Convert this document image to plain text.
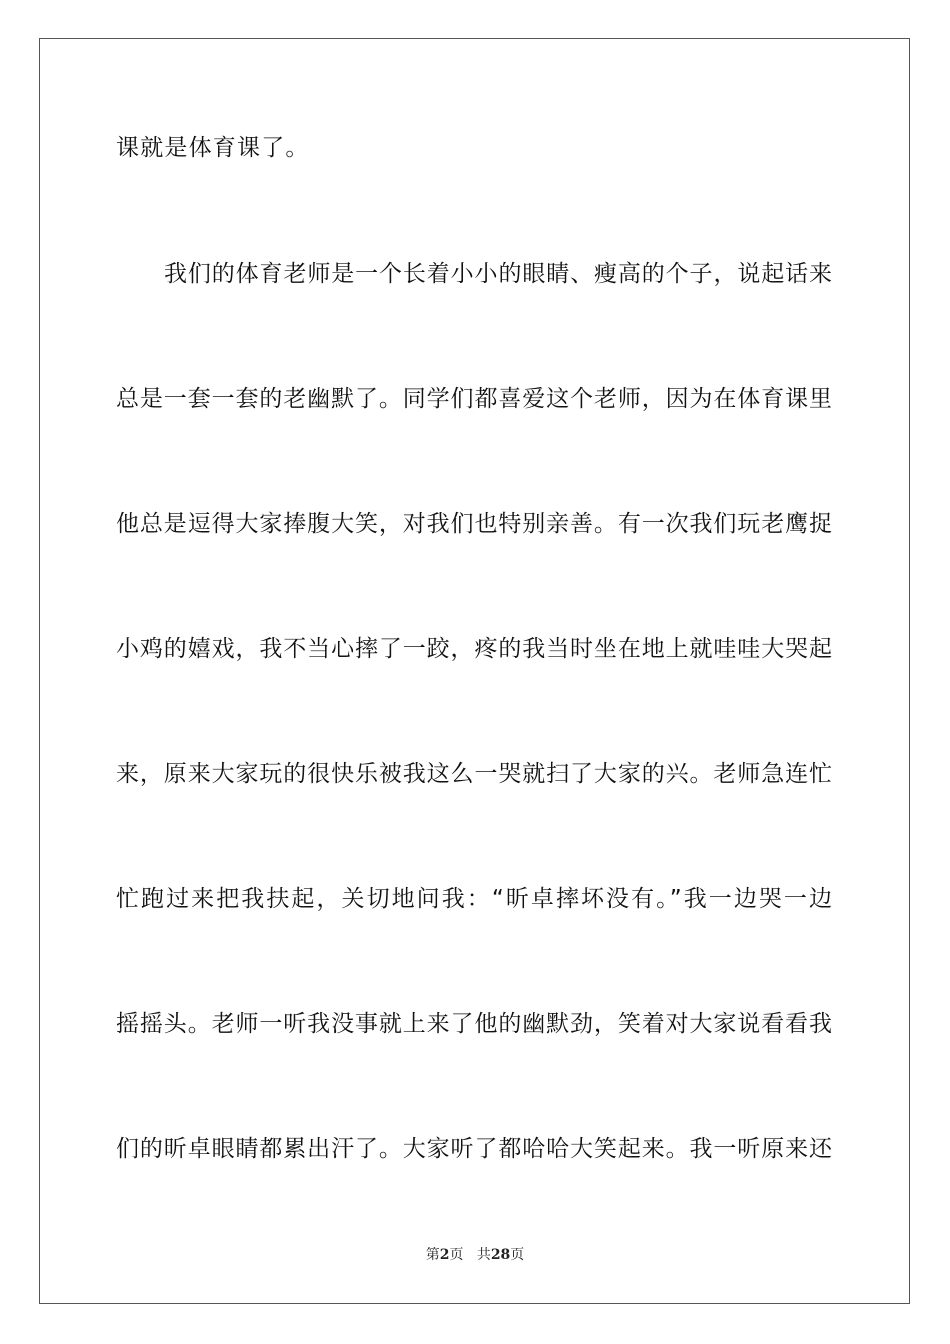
课就是体育课了。
我们的体育老师是一个长着小小的眼睛、瘦高的个子，说起话来
总是一套一套的老幽默了。同学们都喜爱这个老师，因为在体育课里
他总是逗得大家捧腹大笑，对我们也特别亲善。有一次我们玩老鹰捉
小鸡的嬉戏，我不当心摔了一跤，疼的我当时坐在地上就哇哇大哭起
来，原来大家玩的很快乐被我这么一哭就扫了大家的兴。老师急连忙
忙跑过来把我扶起，关切地问我：“昕卓摔坏没有。”我一边哭一边
摇摇头。老师一听我没事就上来了他的幽默劲，笑着对大家说看看我
们的昕卓眼睛都累出汗了。大家听了都哈哈大笑起来。我一听原来还
第2页 共28页
